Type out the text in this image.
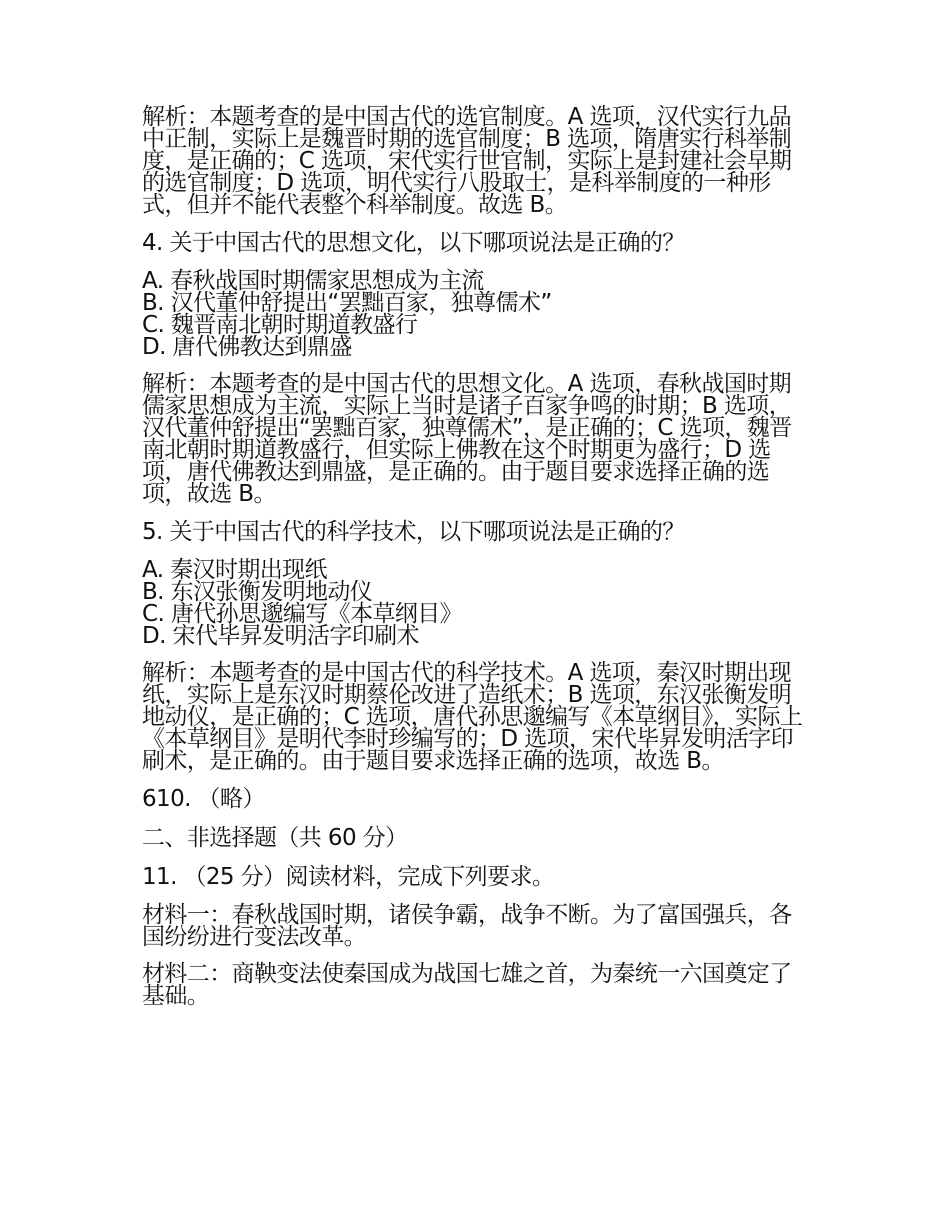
解析：本题考查的是中国古代的选官制度。A 选项，汉代实行九品中正制，实际上是魏晋时期的选官制度；B 选项，隋唐实行科举制度，是正确的；C 选项，宋代实行世官制，实际上是封建社会早期的选官制度；D 选项，明代实行八股取士，是科举制度的一种形式，但并不能代表整个科举制度。故选 B。

4. 关于中国古代的思想文化，以下哪项说法是正确的？

A. 春秋战国时期儒家思想成为主流
B. 汉代董仲舒提出“罢黜百家，独尊儒术”
C. 魏晋南北朝时期道教盛行
D. 唐代佛教达到鼎盛

解析：本题考查的是中国古代的思想文化。A 选项，春秋战国时期儒家思想成为主流，实际上当时是诸子百家争鸣的时期；B 选项，汉代董仲舒提出“罢黜百家，独尊儒术”，是正确的；C 选项，魏晋南北朝时期道教盛行，但实际上佛教在这个时期更为盛行；D 选项，唐代佛教达到鼎盛，是正确的。由于题目要求选择正确的选项，故选 B。

5. 关于中国古代的科学技术，以下哪项说法是正确的？

A. 秦汉时期出现纸
B. 东汉张衡发明地动仪
C. 唐代孙思邈编写《本草纲目》
D. 宋代毕昇发明活字印刷术

解析：本题考查的是中国古代的科学技术。A 选项，秦汉时期出现纸，实际上是东汉时期蔡伦改进了造纸术；B 选项，东汉张衡发明地动仪，是正确的；C 选项，唐代孙思邈编写《本草纲目》，实际上《本草纲目》是明代李时珍编写的；D 选项，宋代毕昇发明活字印刷术，是正确的。由于题目要求选择正确的选项，故选 B。

610. （略）

二、非选择题（共 60 分）

11. （25 分）阅读材料，完成下列要求。

材料一：春秋战国时期，诸侯争霸，战争不断。为了富国强兵，各国纷纷进行变法改革。

材料二：商鞅变法使秦国成为战国七雄之首，为秦统一六国奠定了基础。
